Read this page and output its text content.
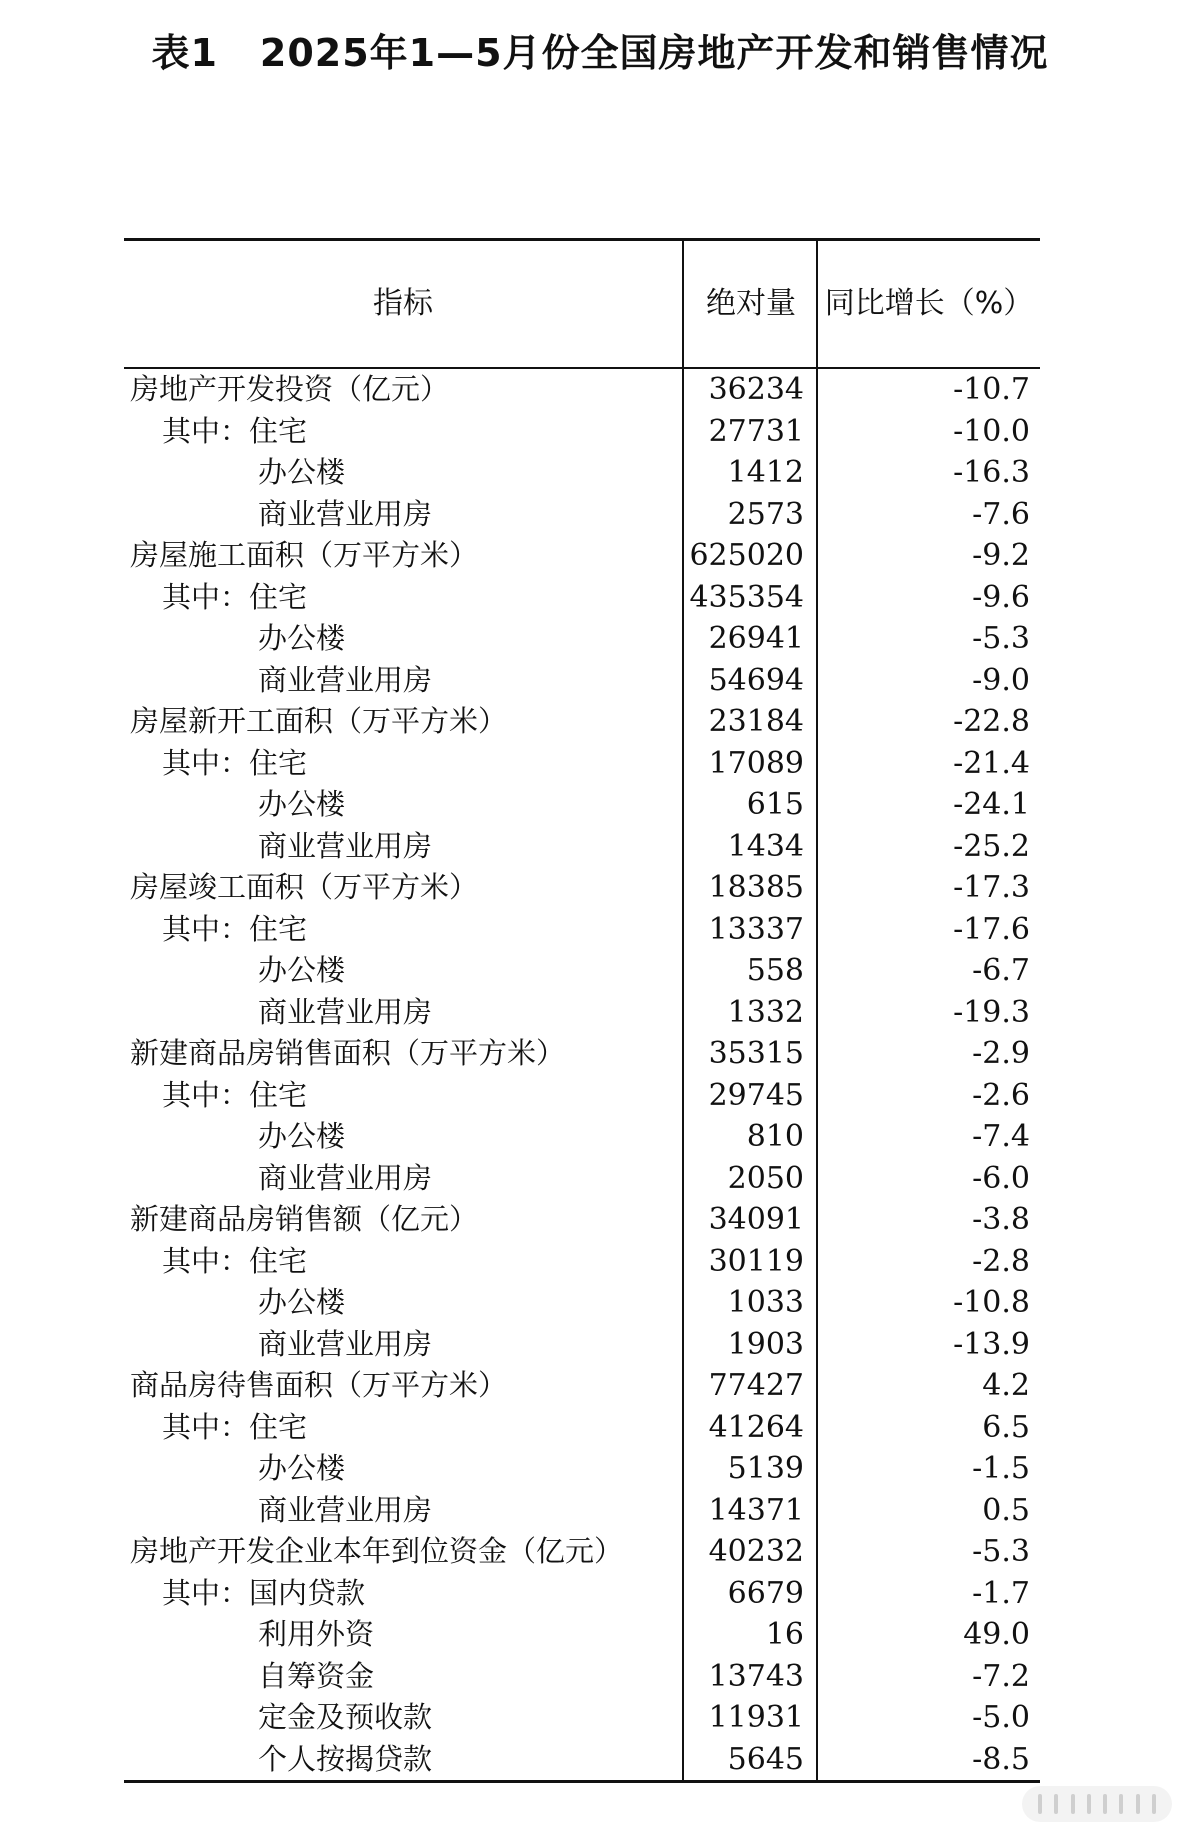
表1 2025年1—5月份全国房地产开发和销售情况
指标	绝对量 同比增长（%）
房地产开发投资（亿元）	36234	-10.7
其中：住宅	27731	-10.0
办公楼	1412	-16.3
商业营业用房	2573	-7.6
房屋施工面积（万平方米）	625020	-9.2
其中：住宅	435354	-9.6
办公楼	26941	-5.3
商业营业用房	54694	-9.0
房屋新开工面积（万平方米）	23184	-22.8
其中：住宅	17089	-21.4
办公楼	615	-24.1
商业营业用房	1434	-25.2
房屋竣工面积（万平方米）	18385	-17.3
其中：住宅	13337	-17.6
办公楼	558	-6.7
商业营业用房	1332	-19.3
新建商品房销售面积（万平方米）	35315	-2.9
其中：住宅	29745	-2.6
办公楼	810	-7.4
商业营业用房	2050	-6.0
新建商品房销售额（亿元）	34091	-3.8
其中：住宅	30119	-2.8
办公楼	1033	-10.8
商业营业用房	1903	-13.9
商品房待售面积（万平方米）	77427	4.2
其中：住宅	41264	6.5
办公楼	5139	-1.5
商业营业用房	14371	0.5
房地产开发企业本年到位资金（亿元）	40232	-5.3
其中：国内贷款	6679	-1.7
利用外资	16	49.0
自筹资金	13743	-7.2
定金及预收款	11931	-5.0
个人按揭贷款	5645	-8.5
